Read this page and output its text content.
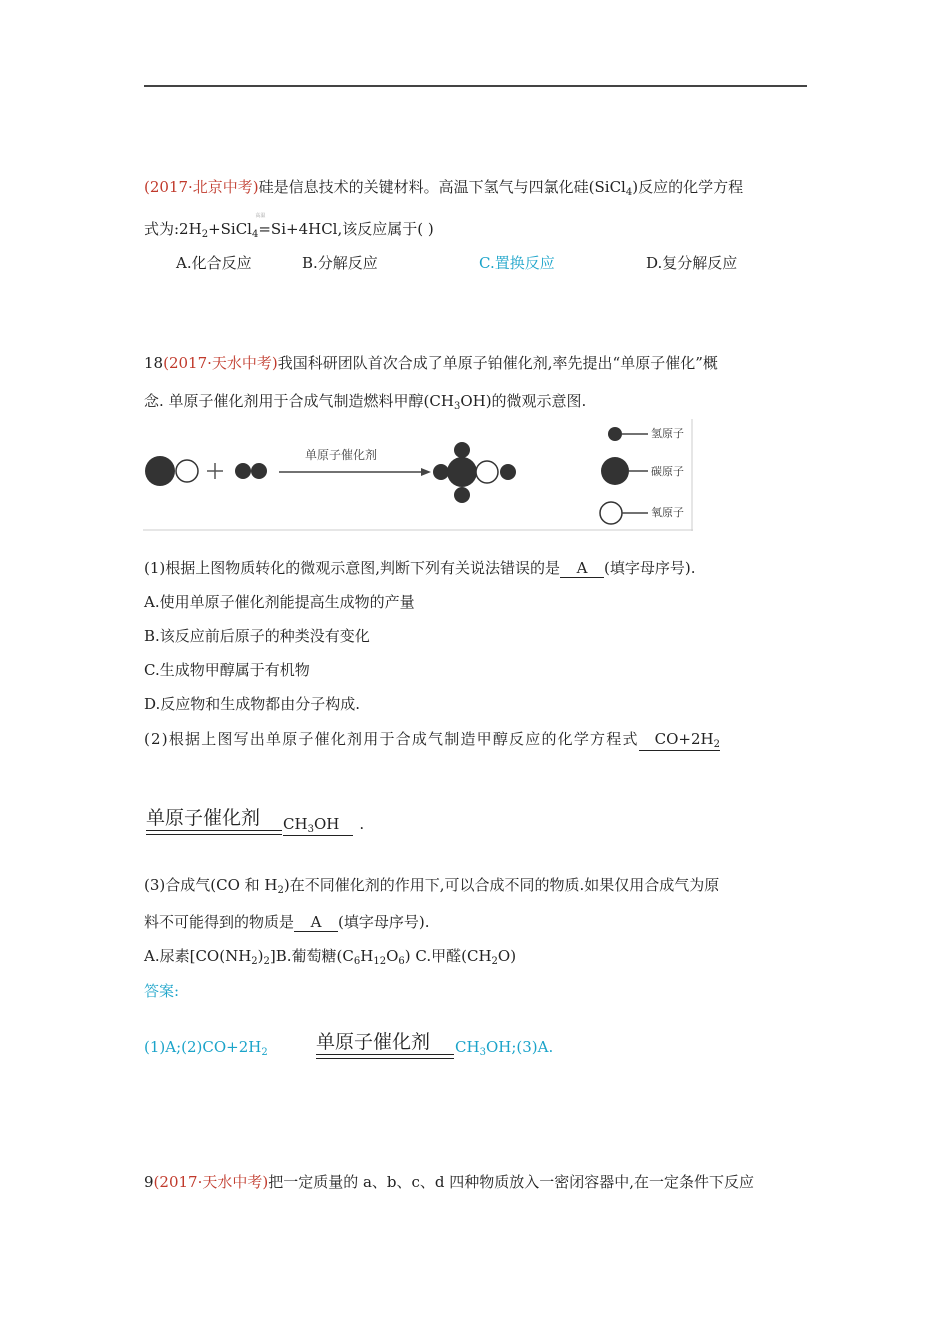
(2017·北京中考)硅是信息技术的关键材料。高温下氢气与四氯化硅(SiCl$_4$)反应的化学方程
式为$:2H_2+SiCl_4$
高温
=Si+4HCl,该反应属于( )
A.化合反应	B.分解反应	C.置换反应	D.复分解反应
18(2017·天水中考)我国科研团队首次合成了单原子铂催化剂,率先提出“单原子催化”概
念. 单原子催化剂用于合成气制造燃料甲醇$(CH_3OH)$的微观示意图.
单原子催化剂
氢原子
碳原子
氧原子
(1)根据上图物质转化的微观示意图,判断下列有关说法错误的是 A (填字母序号).
A.使用单原子催化剂能提高生成物的产量
B.该反应前后原子的种类没有变化
C.生成物甲醇属于有机物
D.反应物和生成物都由分子构成.
(2)根据上图写出单原子催化剂用于合成气制造甲醇反应的化学方程式 $CO+2H_2$
单原子催化剂	$CH_3OH$ .
(3)合成气(CO 和 $H_2$)在不同催化剂的作用下,可以合成不同的物质.如果仅用合成气为原
料不可能得到的物质是 A (填字母序号).
A.尿素$[CO(NH_2)_2]B$.葡萄糖$(C_6H_{12}O_6)$ C.甲醛$(CH_2O)$
答案:
$(1)A;(2)CO+2H_2$	单原子催化剂	$CH_3OH;(3)A$.
9(2017·天水中考)把一定质量的 a、b、c、d 四种物质放入一密闭容器中,在一定条件下反应
